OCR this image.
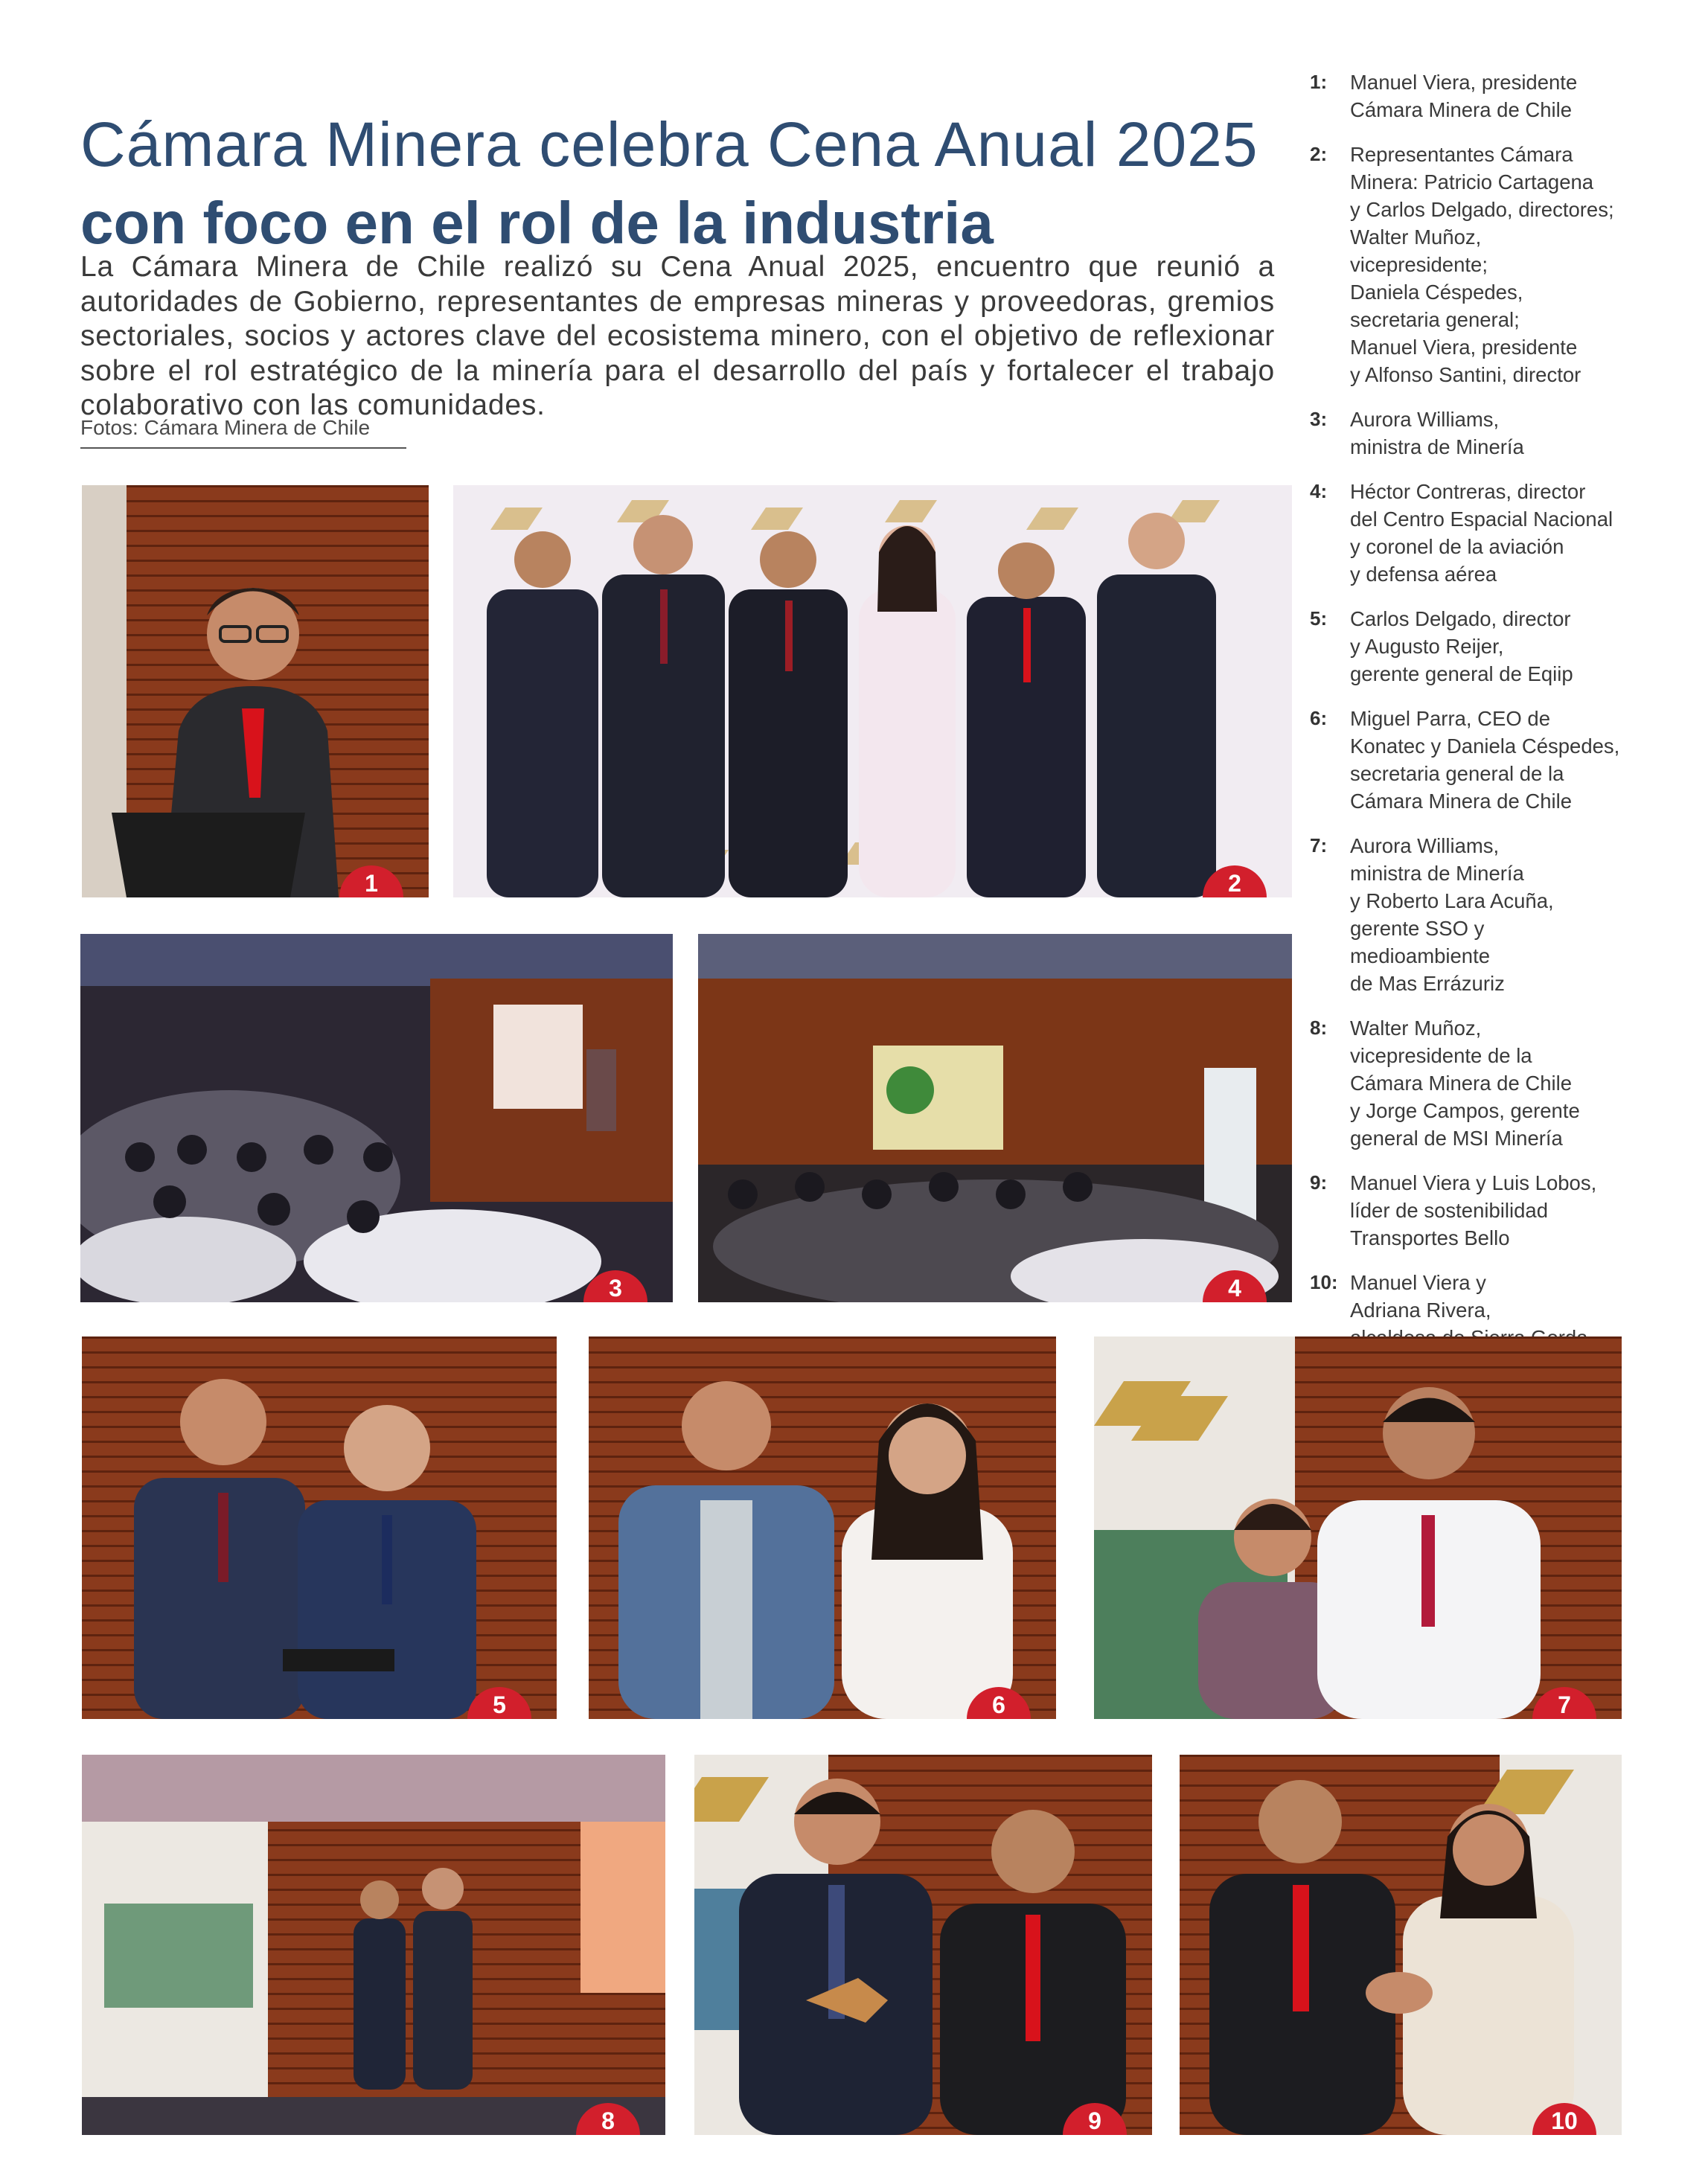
Cámara Minera celebra Cena Anual 2025
con foco en el rol de la industria

La Cámara Minera de Chile realizó su Cena Anual 2025, encuentro que reunió a autoridades de Gobierno, representantes de empresas mineras y proveedoras, gremios sectoriales, socios y actores clave del ecosistema minero, con el objetivo de reflexionar sobre el rol estratégico de la minería para el desarrollo del país y fortalecer el trabajo colaborativo con las comunidades.

Fotos: Cámara Minera de Chile
1:	Manuel Viera, presidente
Cámara Minera de Chile
2:	Representantes Cámara
Minera: Patricio Cartagena
y Carlos Delgado, directores;
Walter Muñoz, vicepresidente;
Daniela Céspedes,
secretaria general;
Manuel Viera, presidente
y Alfonso Santini, director
3:	Aurora Williams,
ministra de Minería
4:	Héctor Contreras, director
del Centro Espacial Nacional
y coronel de la aviación
y defensa aérea
5:	Carlos Delgado, director
y Augusto Reijer,
gerente general de Eqiip
6:	Miguel Parra, CEO de
Konatec y Daniela Céspedes,
secretaria general de la
Cámara Minera de Chile
7:	Aurora Williams,
ministra de Minería
y Roberto Lara Acuña,
gerente SSO y
medioambiente
de Mas Errázuriz
8:	Walter Muñoz,
vicepresidente de la
Cámara Minera de Chile
y Jorge Campos, gerente
general de MSI Minería
9:	Manuel Viera y Luis Lobos,
líder de sostenibilidad
Transportes Bello
10: Manuel Viera y
Adriana Rivera,

1	2
3	4
5	6	7
8	9	10
